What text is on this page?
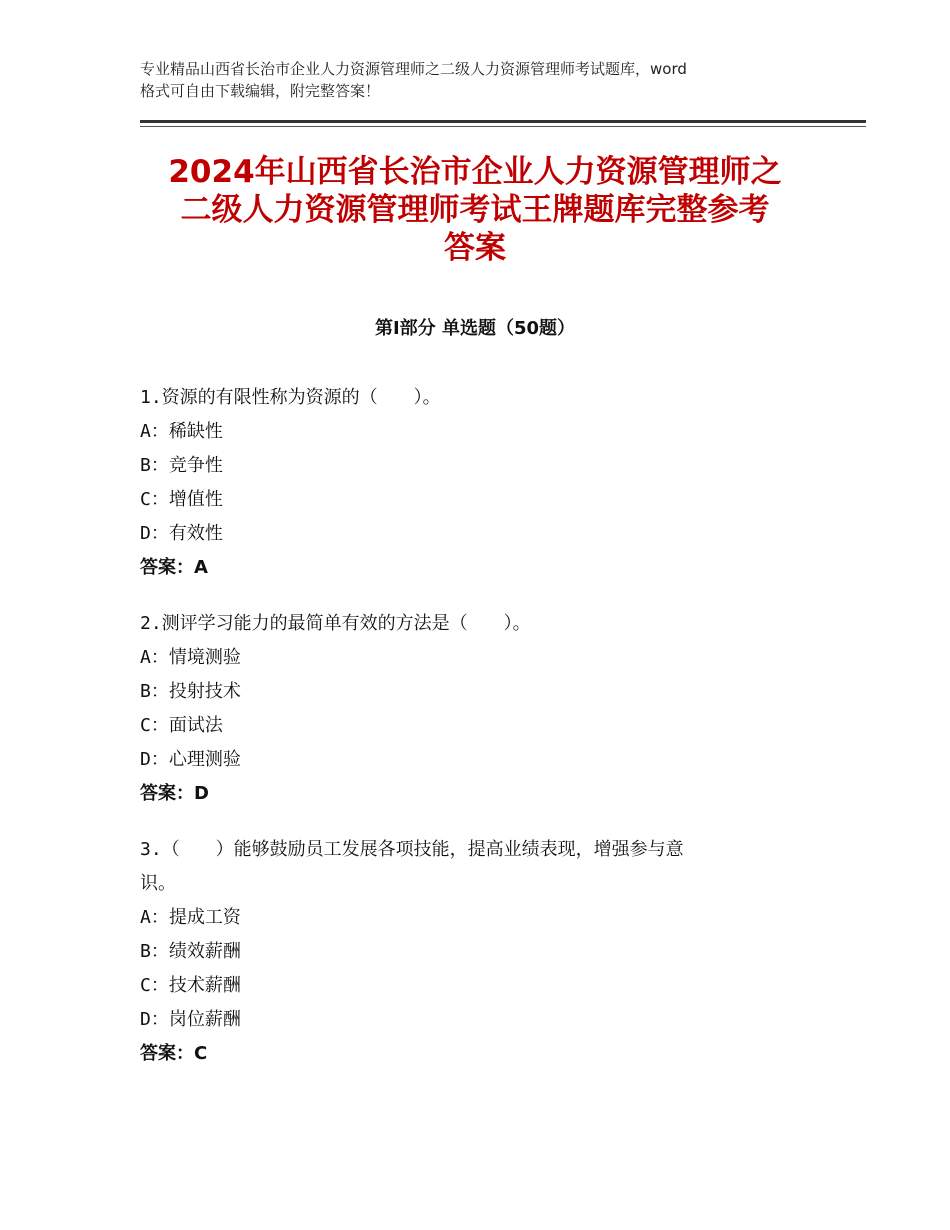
专业精品山西省长治市企业人力资源管理师之二级人力资源管理师考试题库，word
格式可自由下载编辑，附完整答案！
2024年山西省长治市企业人力资源管理师之
二级人力资源管理师考试王牌题库完整参考
答案
第Ⅰ部分 单选题（50题）
1.资源的有限性称为资源的（　　）。
A：稀缺性
B：竞争性
C：增值性
D：有效性
答案：A
2.测评学习能力的最简单有效的方法是（　　）。
A：情境测验
B：投射技术
C：面试法
D：心理测验
答案：D
3.（　　）能够鼓励员工发展各项技能，提高业绩表现，增强参与意
识。
A：提成工资
B：绩效薪酬
C：技术薪酬
D：岗位薪酬
答案：C
